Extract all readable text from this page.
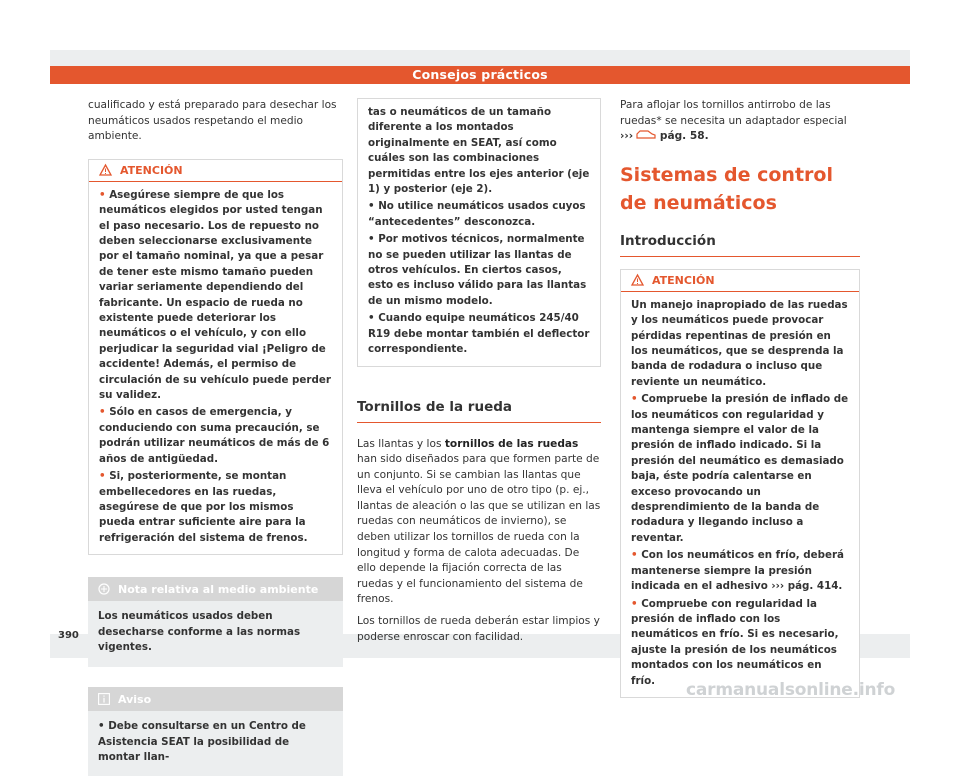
Consejos prácticos

cualificado y está preparado para desechar los neumáticos usados respetando el medio ambiente.

ATENCIÓN

• Asegúrese siempre de que los neumáticos elegidos por usted tengan el paso necesario. Los de repuesto no deben seleccionarse exclusivamente por el tamaño nominal, ya que a pesar de tener este mismo tamaño pueden variar seriamente dependiendo del fabricante. Un espacio de rueda no existente puede deteriorar los neumáticos o el vehículo, y con ello perjudicar la seguridad vial ¡Peligro de accidente! Además, el permiso de circulación de su vehículo puede perder su validez.

• Sólo en casos de emergencia, y conduciendo con suma precaución, se podrán utilizar neumáticos de más de 6 años de antigüedad.

• Si, posteriormente, se montan embellecedores en las ruedas, asegúrese de que por los mismos pueda entrar suficiente aire para la refrigeración del sistema de frenos.

Nota relativa al medio ambiente

Los neumáticos usados deben desecharse conforme a las normas vigentes.

Aviso

• Debe consultarse en un Centro de Asistencia SEAT la posibilidad de montar llan-

tas o neumáticos de un tamaño diferente a los montados originalmente en SEAT, así como cuáles son las combinaciones permitidas entre los ejes anterior (eje 1) y posterior (eje 2).

• No utilice neumáticos usados cuyos “antecedentes” desconozca.

• Por motivos técnicos, normalmente no se pueden utilizar las llantas de otros vehículos. En ciertos casos, esto es incluso válido para las llantas de un mismo modelo.

• Cuando equipe neumáticos 245/40 R19 debe montar también el deflector correspondiente.

Tornillos de la rueda

Las llantas y los tornillos de las ruedas han sido diseñados para que formen parte de un conjunto. Si se cambian las llantas que lleva el vehículo por uno de otro tipo (p. ej., llantas de aleación o las que se utilizan en las ruedas con neumáticos de invierno), se deben utilizar los tornillos de rueda con la longitud y forma de calota adecuadas. De ello depende la fijación correcta de las ruedas y el funcionamiento del sistema de frenos.

Los tornillos de rueda deberán estar limpios y poderse enroscar con facilidad.

Para aflojar los tornillos antirrobo de las ruedas* se necesita un adaptador especial ›››	pág. 58.

Sistemas de control de neumáticos
Introducción
ATENCIÓN

Un manejo inapropiado de las ruedas y los neumáticos puede provocar pérdidas repentinas de presión en los neumáticos, que se desprenda la banda de rodadura o incluso que reviente un neumático.

• Compruebe la presión de inflado de los neumáticos con regularidad y mantenga siempre el valor de la presión de inflado indicado. Si la presión del neumático es demasiado baja, éste podría calentarse en exceso provocando un desprendimiento de la banda de rodadura y llegando incluso a reventar.

• Con los neumáticos en frío, deberá mantenerse siempre la presión indicada en el adhesivo ››› pág. 414.

• Compruebe con regularidad la presión de inflado con los neumáticos en frío. Si es necesario, ajuste la presión de los neumáticos montados con los neumáticos en frío.

390
carmanualsonline.info
